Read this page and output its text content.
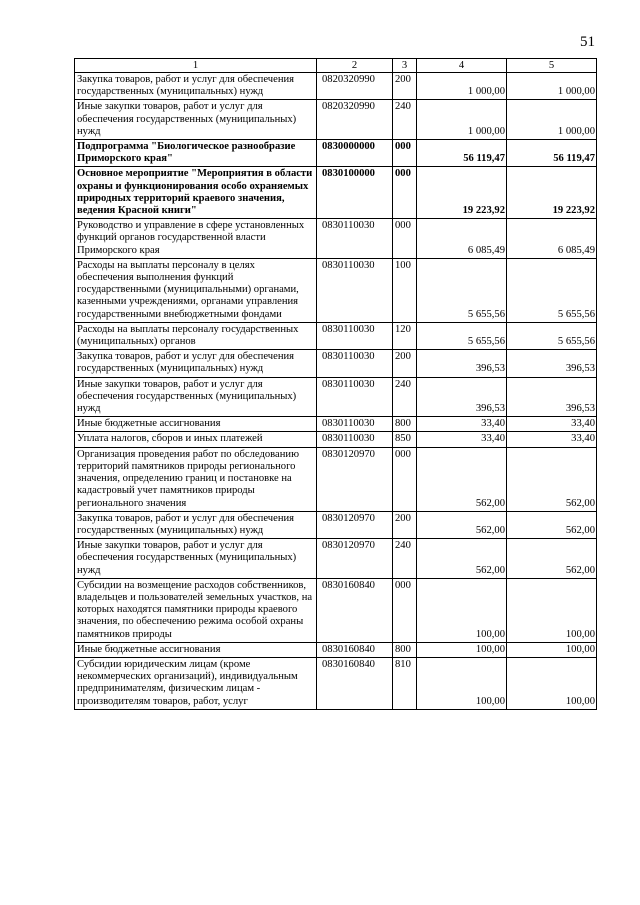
51
1	2	3	4	5
Закупка товаров, работ и услуг для обеспечения государственных (муниципальных) нужд	0820320990	200	1 000,00	1 000,00
Иные закупки товаров, работ и услуг для обеспечения государственных (муниципальных) нужд	0820320990	240	1 000,00	1 000,00
Подпрограмма "Биологическое разнообразие Приморского края"	0830000000	000	56 119,47	56 119,47
Основное мероприятие "Мероприятия в области охраны и функционирования особо охраняемых природных территорий краевого значения, ведения Красной книги"	0830100000	000	19 223,92	19 223,92
Руководство и управление в сфере установленных функций органов государственной власти Приморского края	0830110030	000	6 085,49	6 085,49
Расходы на выплаты персоналу в целях обеспечения выполнения функций государственными (муниципальными) органами, казенными учреждениями, органами управления государственными внебюджетными фондами	0830110030	100	5 655,56	5 655,56
Расходы на выплаты персоналу государственных (муниципальных) органов	0830110030	120	5 655,56	5 655,56
Закупка товаров, работ и услуг для обеспечения государственных (муниципальных) нужд	0830110030	200	396,53	396,53
Иные закупки товаров, работ и услуг для обеспечения государственных (муниципальных) нужд	0830110030	240	396,53	396,53
Иные бюджетные ассигнования	0830110030	800	33,40	33,40
Уплата налогов, сборов и иных платежей	0830110030	850	33,40	33,40
Организация проведения работ по обследованию территорий памятников природы регионального значения, определению границ и постановке на кадастровый учет памятников природы регионального значения	0830120970	000	562,00	562,00
Закупка товаров, работ и услуг для обеспечения государственных (муниципальных) нужд	0830120970	200	562,00	562,00
Иные закупки товаров, работ и услуг для обеспечения государственных (муниципальных) нужд	0830120970	240	562,00	562,00
Субсидии на возмещение расходов собственников, владельцев и пользователей земельных участков, на которых находятся памятники природы краевого значения, по обеспечению режима особой охраны памятников природы	0830160840	000	100,00	100,00
Иные бюджетные ассигнования	0830160840	800	100,00	100,00
Субсидии юридическим лицам (кроме некоммерческих организаций), индивидуальным предпринимателям, физическим лицам - производителям товаров, работ, услуг	0830160840	810	100,00	100,00
